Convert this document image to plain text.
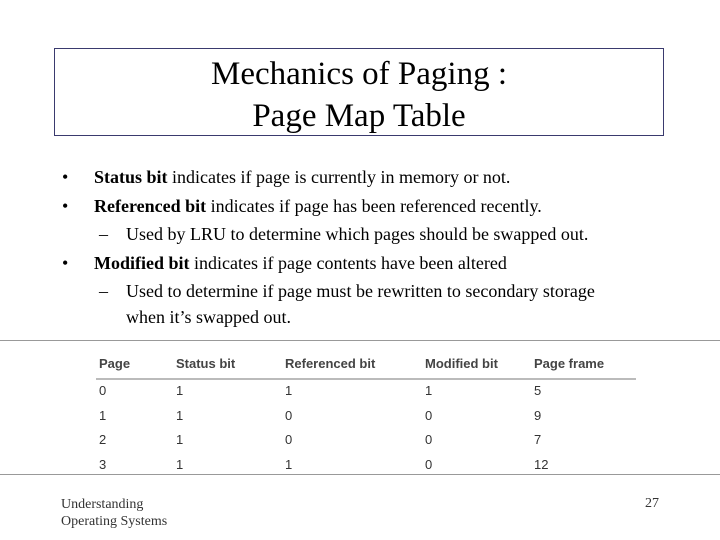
Mechanics of Paging :
Page Map Table
• Status bit indicates if page is currently in memory or not.
• Referenced bit indicates if page has been referenced recently.
– Used by LRU to determine which pages should be swapped out.
• Modified bit indicates if page contents have been altered
– Used to determine if page must be rewritten to secondary storage
when it’s swapped out.
Page	Status bit	Referenced bit	Modified bit	Page frame
0	1	1	1	5
1	1	0	0	9
2	1	0	0	7
3	1	1	0	12
Understanding
Operating Systems
27
